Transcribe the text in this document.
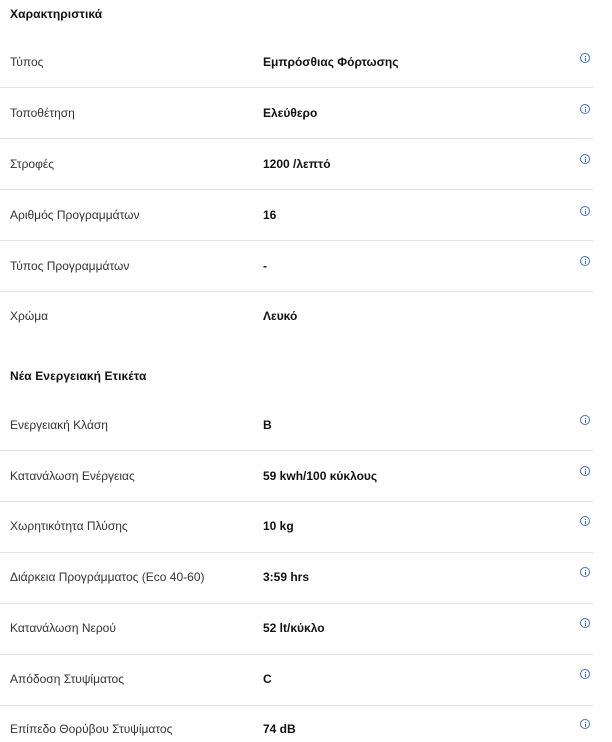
Χαρακτηριστικά
Τύπος	Εμπρόσθιας Φόρτωσης
Τοποθέτηση	Ελεύθερο
Στροφές	1200 /λεπτό
Αριθμός Προγραμμάτων	16
Τύπος Προγραμμάτων	-
Χρώμα	Λευκό
Νέα Ενεργειακή Ετικέτα
Ενεργειακή Κλάση	B
Κατανάλωση Ενέργειας	59 kwh/100 κύκλους
Χωρητικότητα Πλύσης	10 kg
Διάρκεια Προγράμματος (Eco 40-60)	3:59 hrs
Κατανάλωση Νερού	52 lt/κύκλο
Απόδοση Στυψίματος	C
Επίπεδο Θορύβου Στυψίματος	74 dB
